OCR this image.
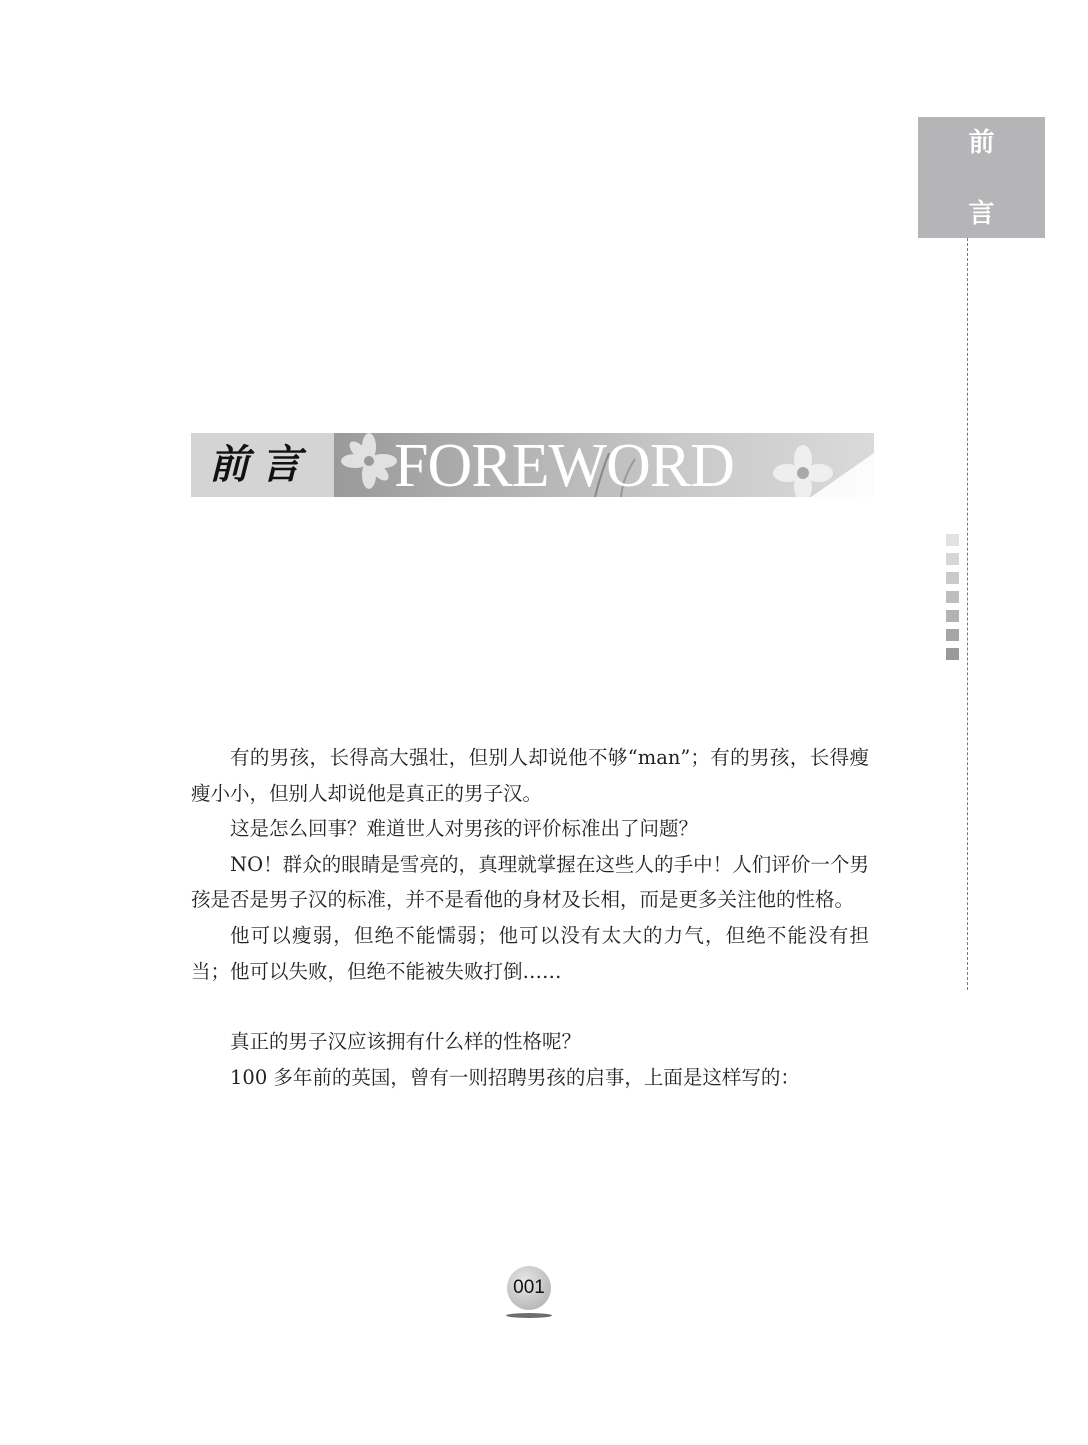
前
言
前言 FOREWORD

有的男孩，长得高大强壮，但别人却说他不够“man”；有的男孩，长得瘦瘦小小，但别人却说他是真正的男子汉。

这是怎么回事？难道世人对男孩的评价标准出了问题？

NO！群众的眼睛是雪亮的，真理就掌握在这些人的手中！人们评价一个男孩是否是男子汉的标准，并不是看他的身材及长相，而是更多关注他的性格。

他可以瘦弱，但绝不能懦弱；他可以没有太大的力气，但绝不能没有担当；他可以失败，但绝不能被失败打倒……

真正的男子汉应该拥有什么样的性格呢？

100 多年前的英国，曾有一则招聘男孩的启事，上面是这样写的：

001
